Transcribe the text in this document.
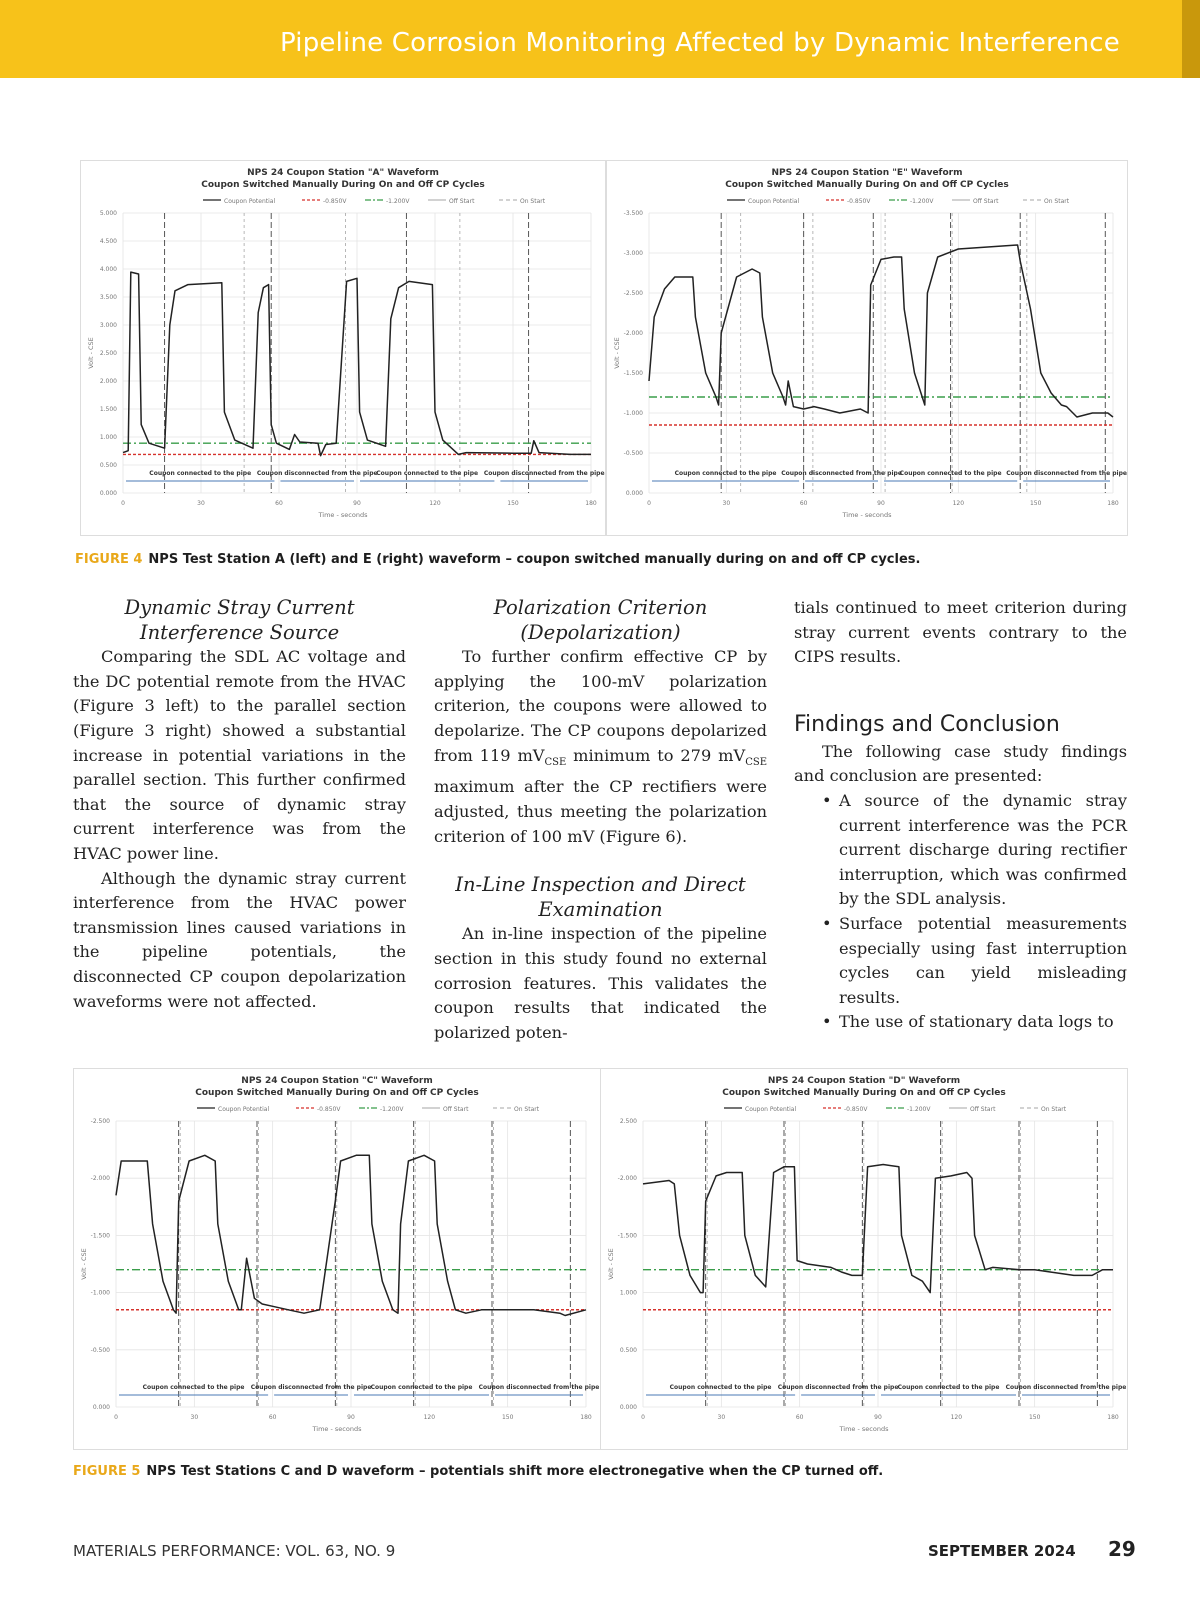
Pipeline Corrosion Monitoring Affected by Dynamic Interference
NPS 24 Coupon Station "A" Waveform
Coupon Switched Manually During On and Off CP Cycles
Coupon Potential	-0.850V	-1.200V	Off Start	On Start
0	30	60	90	120	150	180
5.000
4.500
4.000
3.500
3.000
2.500
2.000
1.500
1.000
0.500
0.000
Time - seconds
Volt - CSE
Coupon connected to the pipe Coupon disconnected from the pipe
Coupon connected to the pipe Coupon disconnected from the pipe
NPS 24 Coupon Station "E" Waveform
Coupon Switched Manually During On and Off CP Cycles
Coupon Potential	-0.850V	-1.200V	Off Start	On Start
0	30	60	90	120	150	180
-3.500
-3.000
-2.500
-2.000
-1.500
-1.000
-0.500
0.000
Time - seconds
Volt - CSE
Coupon connected to the pipe Coupon disconnected from the pipe
Coupon connected to the pipe Coupon disconnected from the pipe
FIGURE 4 NPS Test Station A (left) and E (right) waveform – coupon switched manually during on and off CP cycles.

Dynamic Stray Current Interference Source

Comparing the SDL AC voltage and the DC potential remote from the HVAC (Figure 3 left) to the parallel section (Figure 3 right) showed a substantial increase in potential variations in the parallel section. This further confirmed that the source of dynamic stray current interference was from the HVAC power line.

Although the dynamic stray current interference from the HVAC power transmission lines caused variations in the pipeline potentials, the disconnected CP coupon depolarization waveforms were not affected.

Polarization Criterion (Depolarization)

To further confirm effective CP by applying the 100-mV polarization criterion, the coupons were allowed to depolarize. The CP coupons depolarized from 119 $mV_{CSE}$ minimum to 279 $mV_{CSE}$ maximum after the CP rectifiers were adjusted, thus meeting the polarization criterion of 100 mV (Figure 6).

In-Line Inspection and Direct Examination

An in-line inspection of the pipeline section in this study found no external corrosion features. This validates the coupon results that indicated the polarized poten-

tials continued to meet criterion during stray current events contrary to the CIPS results.

Findings and Conclusion

The following case study findings and conclusion are presented:

• A source of the dynamic stray current interference was the PCR current discharge during rectifier interruption, which was confirmed by the SDL analysis.
• Surface potential measurements especially using fast interruption cycles can yield misleading results.
• The use of stationary data logs to
NPS 24 Coupon Station "C" Waveform
Coupon Switched Manually During On and Off CP Cycles
Coupon Potential	-0.850V	-1.200V	Off Start	On Start
0	30	60	90	120	150	180
-2.500
-2.000
-1.500
-1.000
-0.500
0.000
Time - seconds
Volt - CSE
Coupon connected to the pipe Coupon disconnected from the pipe Coupon connected to the pipe Coupon disconnected from the pipe
NPS 24 Coupon Station "D" Waveform
Coupon Switched Manually During On and Off CP Cycles
Coupon Potential	-0.850V	-1.200V	Off Start	On Start
0	30	60	90	120	150	180
2.500
-2.000
-1.500
1.000
0.500
0.000
Time - seconds
Volt - CSE
Coupon connected to the pipe Coupon disconnected from the pipe Coupon connected to the pipe Coupon disconnected from the pipe
FIGURE 5 NPS Test Stations C and D waveform – potentials shift more electronegative when the CP turned off.
MATERIALS PERFORMANCE: VOL. 63, NO. 9	SEPTEMBER 2024 29
